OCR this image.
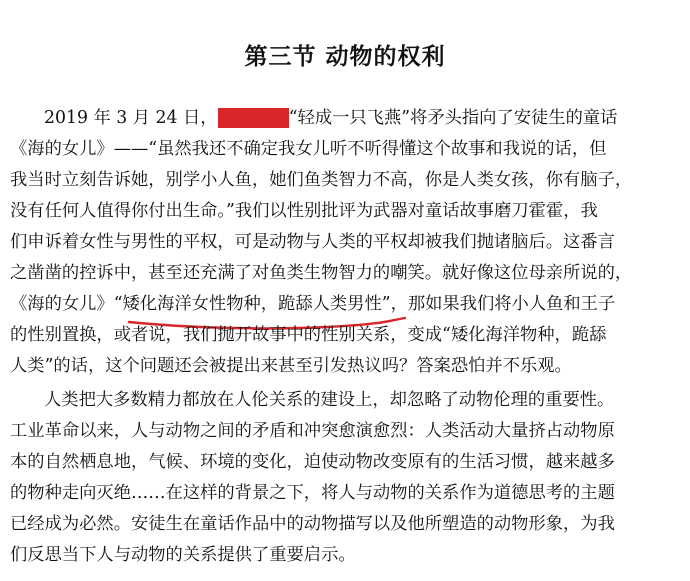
第三节 动物的权利
2019 年 3 月 24 日，微博用户“轻成一只飞燕”将矛头指向了安徒生的童话
《海的女儿》——“虽然我还不确定我女儿听不听得懂这个故事和我说的话，但
我当时立刻告诉她，别学小人鱼，她们鱼类智力不高，你是人类女孩，你有脑子，
没有任何人值得你付出生命。”我们以性别批评为武器对童话故事磨刀霍霍，我
们申诉着女性与男性的平权，可是动物与人类的平权却被我们抛诸脑后。这番言
之凿凿的控诉中，甚至还充满了对鱼类生物智力的嘲笑。就好像这位母亲所说的，
《海的女儿》“矮化海洋女性物种，跪舔人类男性”，那如果我们将小人鱼和王子
的性别置换，或者说，我们抛开故事中的性别关系，变成“矮化海洋物种，跪舔
人类”的话，这个问题还会被提出来甚至引发热议吗？答案恐怕并不乐观。
人类把大多数精力都放在人伦关系的建设上，却忽略了动物伦理的重要性。
工业革命以来，人与动物之间的矛盾和冲突愈演愈烈：人类活动大量挤占动物原
本的自然栖息地，气候、环境的变化，迫使动物改变原有的生活习惯，越来越多
的物种走向灭绝……在这样的背景之下，将人与动物的关系作为道德思考的主题
已经成为必然。安徒生在童话作品中的动物描写以及他所塑造的动物形象，为我
们反思当下人与动物的关系提供了重要启示。
